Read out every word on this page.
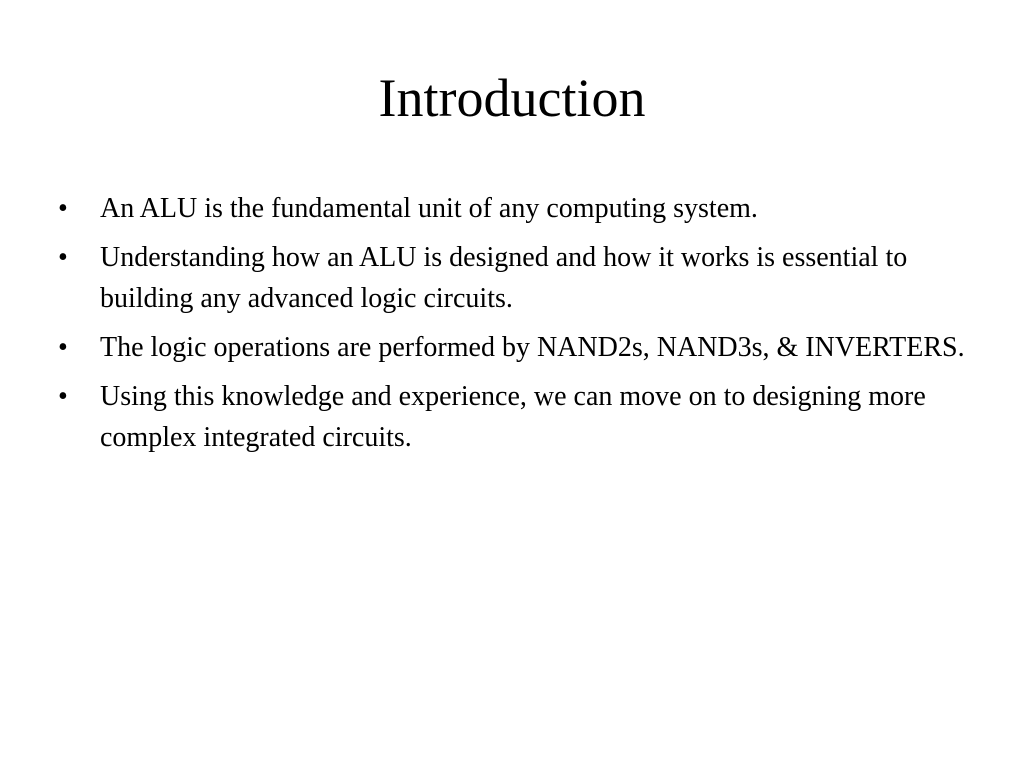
Introduction
• An ALU is the fundamental unit of any computing system.
• Understanding how an ALU is designed and how it works is essential to building any advanced logic circuits.
• The logic operations are performed by NAND2s, NAND3s, & INVERTERS.
• Using this knowledge and experience, we can move on to designing more complex integrated circuits.
